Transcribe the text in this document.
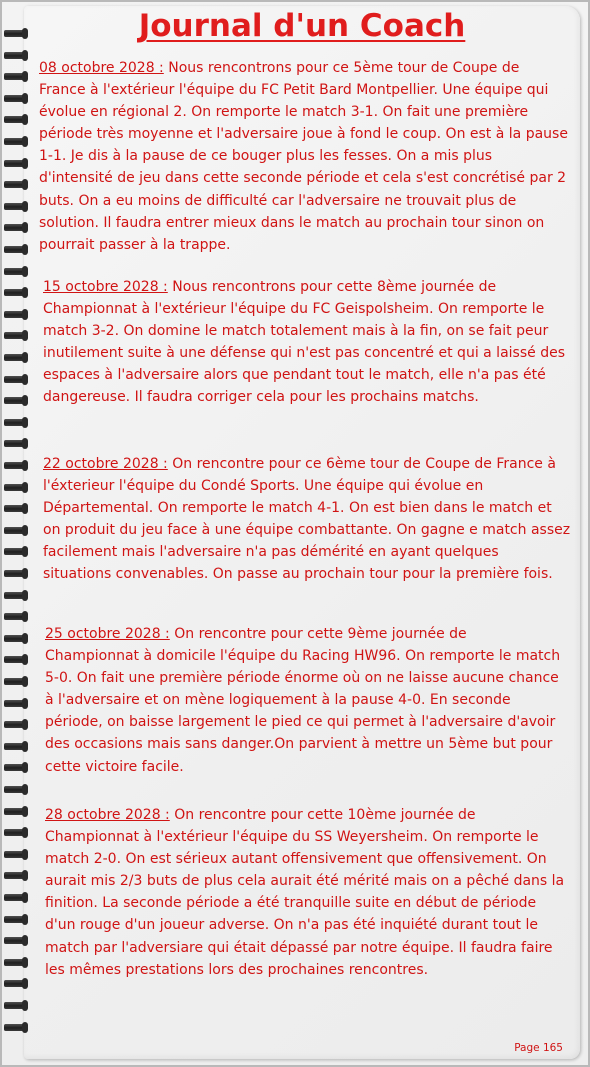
Journal d'un Coach

08 octobre 2028 : Nous rencontrons pour ce 5ème tour de Coupe de France à l'extérieur l'équipe du FC Petit Bard Montpellier. Une équipe qui évolue en régional 2. On remporte le match 3-1. On fait une première période très moyenne et l'adversaire joue à fond le coup. On est à la pause 1-1. Je dis à la pause de ce bouger plus les fesses. On a mis plus d'intensité de jeu dans cette seconde période et cela s'est concrétisé par 2 buts. On a eu moins de difficulté car l'adversaire ne trouvait plus de solution. Il faudra entrer mieux dans le match au prochain tour sinon on pourrait passer à la trappe.

15 octobre 2028 : Nous rencontrons pour cette 8ème journée de Championnat à l'extérieur l'équipe du FC Geispolsheim. On remporte le match 3-2. On domine le match totalement mais à la fin, on se fait peur inutilement suite à une défense qui n'est pas concentré et qui a laissé des espaces à l'adversaire alors que pendant tout le match, elle n'a pas été dangereuse. Il faudra corriger cela pour les prochains matchs.

22 octobre 2028 : On rencontre pour ce 6ème tour de Coupe de France à l'éxterieur l'équipe du Condé Sports. Une équipe qui évolue en Départemental. On remporte le match 4-1. On est bien dans le match et on produit du jeu face à une équipe combattante. On gagne e match assez facilement mais l'adversaire n'a pas démérité en ayant quelques situations convenables. On passe au prochain tour pour la première fois.

25 octobre 2028 : On rencontre pour cette 9ème journée de Championnat à domicile l'équipe du Racing HW96. On remporte le match 5-0. On fait une première période énorme où on ne laisse aucune chance à l'adversaire et on mène logiquement à la pause 4-0. En seconde période, on baisse largement le pied ce qui permet à l'adversaire d'avoir des occasions mais sans danger.On parvient à mettre un 5ème but pour cette victoire facile.

28 octobre 2028 : On rencontre pour cette 10ème journée de Championnat à l'extérieur l'équipe du SS Weyersheim. On remporte le match 2-0. On est sérieux autant offensivement que offensivement. On aurait mis 2/3 buts de plus cela aurait été mérité mais on a pêché dans la finition. La seconde période a été tranquille suite en début de période d'un rouge d'un joueur adverse. On n'a pas été inquiété durant tout le match par l'adversiare qui était dépassé par notre équipe. Il faudra faire les mêmes prestations lors des prochaines rencontres.

Page 165
